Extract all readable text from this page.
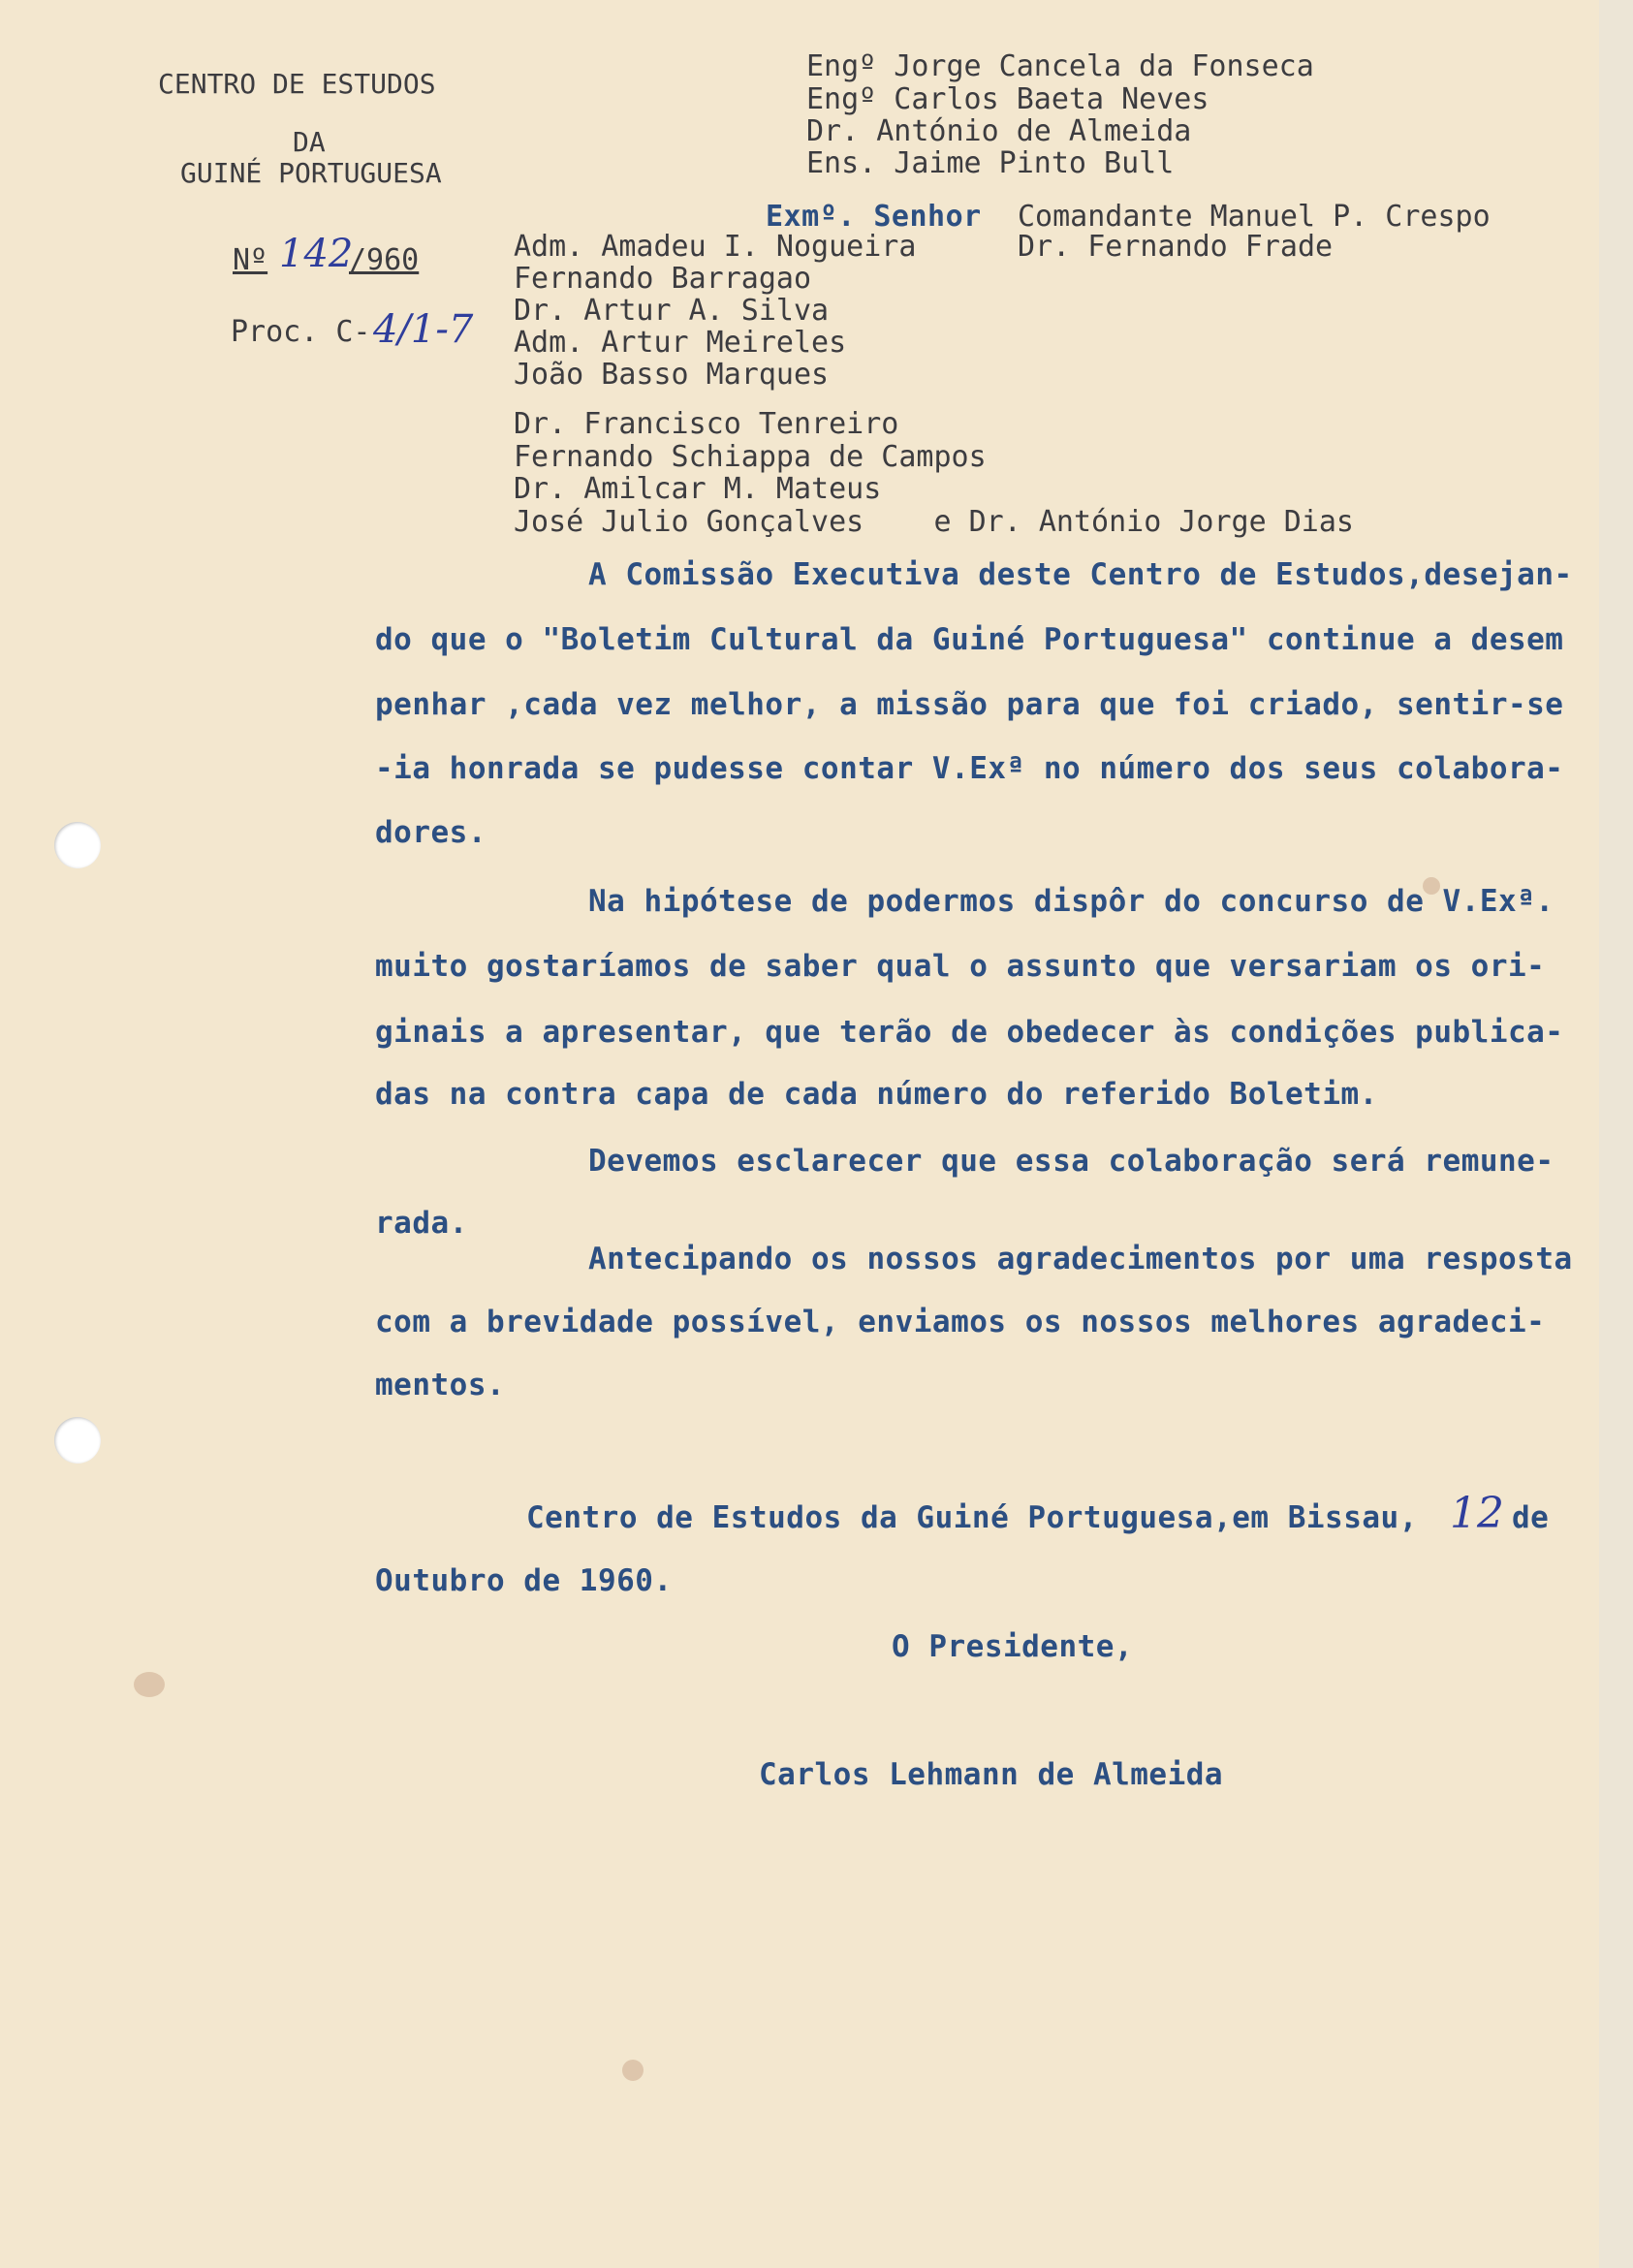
CENTRO DE ESTUDOS
DA
GUINÉ PORTUGUESA
Nº 142
/960
Proc. C- 4/1-7
Engº Jorge Cancela da Fonseca
Engº Carlos Baeta Neves
Dr. António de Almeida
Ens. Jaime Pinto Bull
Exmº. Senhor Comandante Manuel P. Crespo
Adm. Amadeu I. Nogueira	Dr. Fernando Frade
Fernando Barragao
Dr. Artur A. Silva
Adm. Artur Meireles
João Basso Marques
Dr. Francisco Tenreiro
Fernando Schiappa de Campos
Dr. Amilcar M. Mateus
José Julio Gonçalves    e Dr. António Jorge Dias
A Comissão Executiva deste Centro de Estudos,desejan-
do que o "Boletim Cultural da Guiné Portuguesa" continue a desem
penhar ,cada vez melhor, a missão para que foi criado, sentir-se
-ia honrada se pudesse contar V.Exª no número dos seus colabora-
dores.
Na hipótese de podermos dispôr do concurso de V.Exª.
muito gostaríamos de saber qual o assunto que versariam os ori-
ginais a apresentar, que terão de obedecer às condições publica-
das na contra capa de cada número do referido Boletim.
Devemos esclarecer que essa colaboração será remune-
rada.
Antecipando os nossos agradecimentos por uma resposta
com a brevidade possível, enviamos os nossos melhores agradeci-
mentos.
Centro de Estudos da Guiné Portuguesa,em Bissau, 12 de
Outubro de 1960.
O Presidente,
Carlos Lehmann de Almeida
